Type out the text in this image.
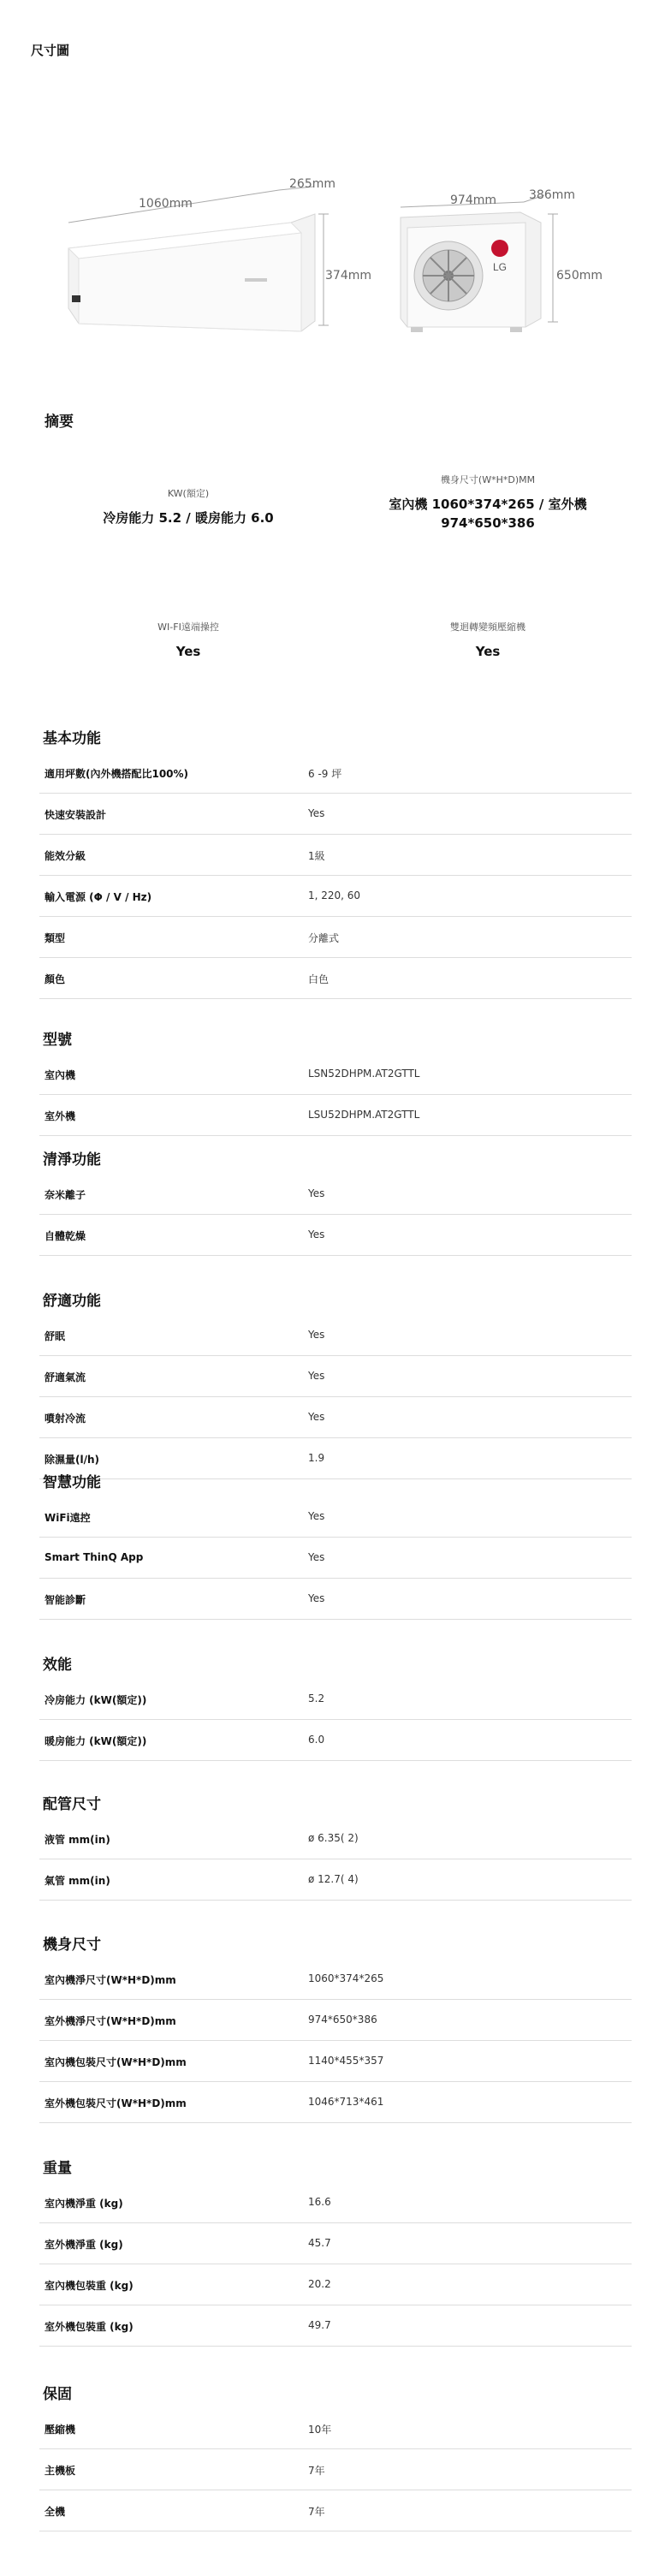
尺寸圖
LG
1060mm
265mm
374mm
974mm	386mm
650mm
摘要
KW(額定)
冷房能力 5.2 / 暖房能力 6.0
機身尺寸(W*H*D)MM
室內機 1060*374*265 / 室外機 974*650*386
WI-FI遠端操控
Yes
雙迴轉變頻壓縮機
Yes
基本功能
適用坪數(內外機搭配比100%)	6 -9 坪
快速安裝設計	Yes
能效分級	1級
輸入電源 (Φ / V / Hz)	1, 220, 60
類型	分離式
顏色	白色
型號
室內機	LSN52DHPM.AT2GTTL
室外機	LSU52DHPM.AT2GTTL
清淨功能
奈米離子	Yes
自體乾燥	Yes
舒適功能
舒眠	Yes
舒適氣流	Yes
噴射冷流	Yes
除濕量(l/h)	1.9
智慧功能
WiFi遠控	Yes
Smart ThinQ App	Yes
智能診斷	Yes
效能
冷房能力 (kW(額定))	5.2
暖房能力 (kW(額定))	6.0
配管尺寸
液管 mm(in)	ø 6.35( 2)
氣管 mm(in)	ø 12.7( 4)
機身尺寸
室內機淨尺寸(W*H*D)mm	1060*374*265
室外機淨尺寸(W*H*D)mm	974*650*386
室內機包裝尺寸(W*H*D)mm	1140*455*357
室外機包裝尺寸(W*H*D)mm	1046*713*461
重量
室內機淨重 (kg)	16.6
室外機淨重 (kg)	45.7
室內機包裝重 (kg)	20.2
室外機包裝重 (kg)	49.7
保固
壓縮機	10年
主機板	7年
全機	7年
